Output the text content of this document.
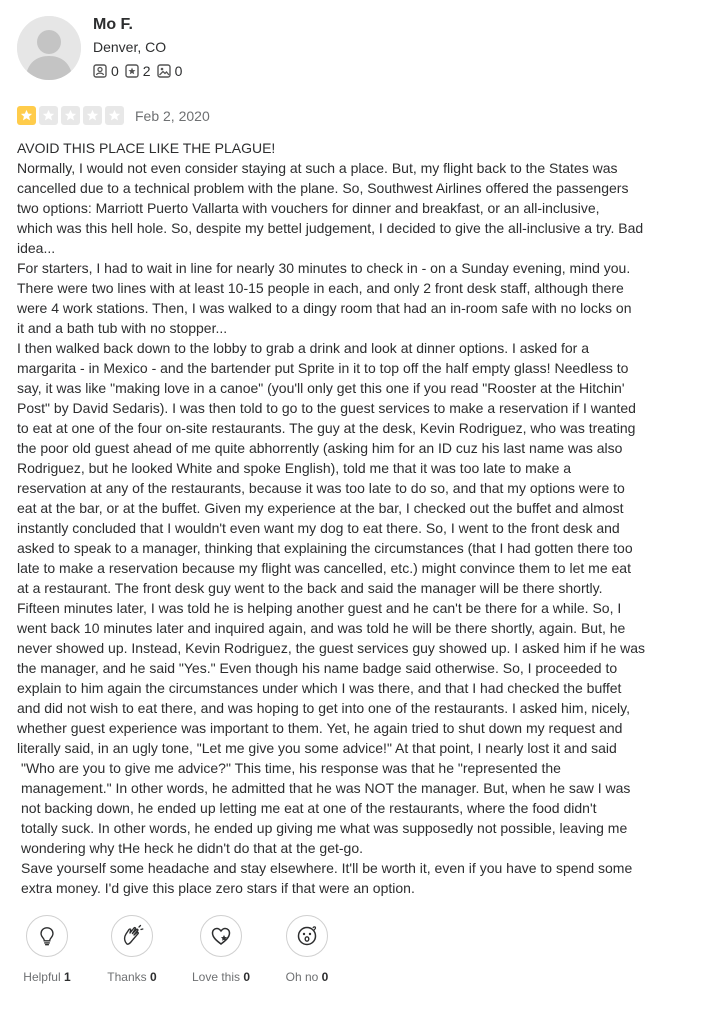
Mo F.
Denver, CO
0 2 0
Feb 2, 2020

AVOID THIS PLACE LIKE THE PLAGUE!

Normally, I would not even consider staying at such a place. But, my flight back to the States was

cancelled due to a technical problem with the plane. So, Southwest Airlines offered the passengers

two options: Marriott Puerto Vallarta with vouchers for dinner and breakfast, or an all-inclusive,

which was this hell hole. So, despite my bettel judgement, I decided to give the all-inclusive a try. Bad

idea...

For starters, I had to wait in line for nearly 30 minutes to check in - on a Sunday evening, mind you.

There were two lines with at least 10-15 people in each, and only 2 front desk staff, although there

were 4 work stations. Then, I was walked to a dingy room that had an in-room safe with no locks on

it and a bath tub with no stopper...

I then walked back down to the lobby to grab a drink and look at dinner options. I asked for a

margarita - in Mexico - and the bartender put Sprite in it to top off the half empty glass! Needless to

say, it was like "making love in a canoe" (you'll only get this one if you read "Rooster at the Hitchin'

Post" by David Sedaris). I was then told to go to the guest services to make a reservation if I wanted

to eat at one of the four on-site restaurants. The guy at the desk, Kevin Rodriguez, who was treating

the poor old guest ahead of me quite abhorrently (asking him for an ID cuz his last name was also

Rodriguez, but he looked White and spoke English), told me that it was too late to make a

reservation at any of the restaurants, because it was too late to do so, and that my options were to

eat at the bar, or at the buffet. Given my experience at the bar, I checked out the buffet and almost

instantly concluded that I wouldn't even want my dog to eat there. So, I went to the front desk and

asked to speak to a manager, thinking that explaining the circumstances (that I had gotten there too

late to make a reservation because my flight was cancelled, etc.) might convince them to let me eat

at a restaurant. The front desk guy went to the back and said the manager will be there shortly.

Fifteen minutes later, I was told he is helping another guest and he can't be there for a while. So, I

went back 10 minutes later and inquired again, and was told he will be there shortly, again. But, he

never showed up. Instead, Kevin Rodriguez, the guest services guy showed up. I asked him if he was

the manager, and he said "Yes." Even though his name badge said otherwise. So, I proceeded to

explain to him again the circumstances under which I was there, and that I had checked the buffet

and did not wish to eat there, and was hoping to get into one of the restaurants. I asked him, nicely,

whether guest experience was important to them. Yet, he again tried to shut down my request and

literally said, in an ugly tone, "Let me give you some advice!" At that point, I nearly lost it and said

"Who are you to give me advice?" This time, his response was that he "represented the

management." In other words, he admitted that he was NOT the manager. But, when he saw I was

not backing down, he ended up letting me eat at one of the restaurants, where the food didn't

totally suck. In other words, he ended up giving me what was supposedly not possible, leaving me

wondering why tHe heck he didn't do that at the get-go.

Save yourself some headache and stay elsewhere. It'll be worth it, even if you have to spend some

extra money. I'd give this place zero stars if that were an option.

Helpful 1	Thanks 0	Love this 0	Oh no 0
